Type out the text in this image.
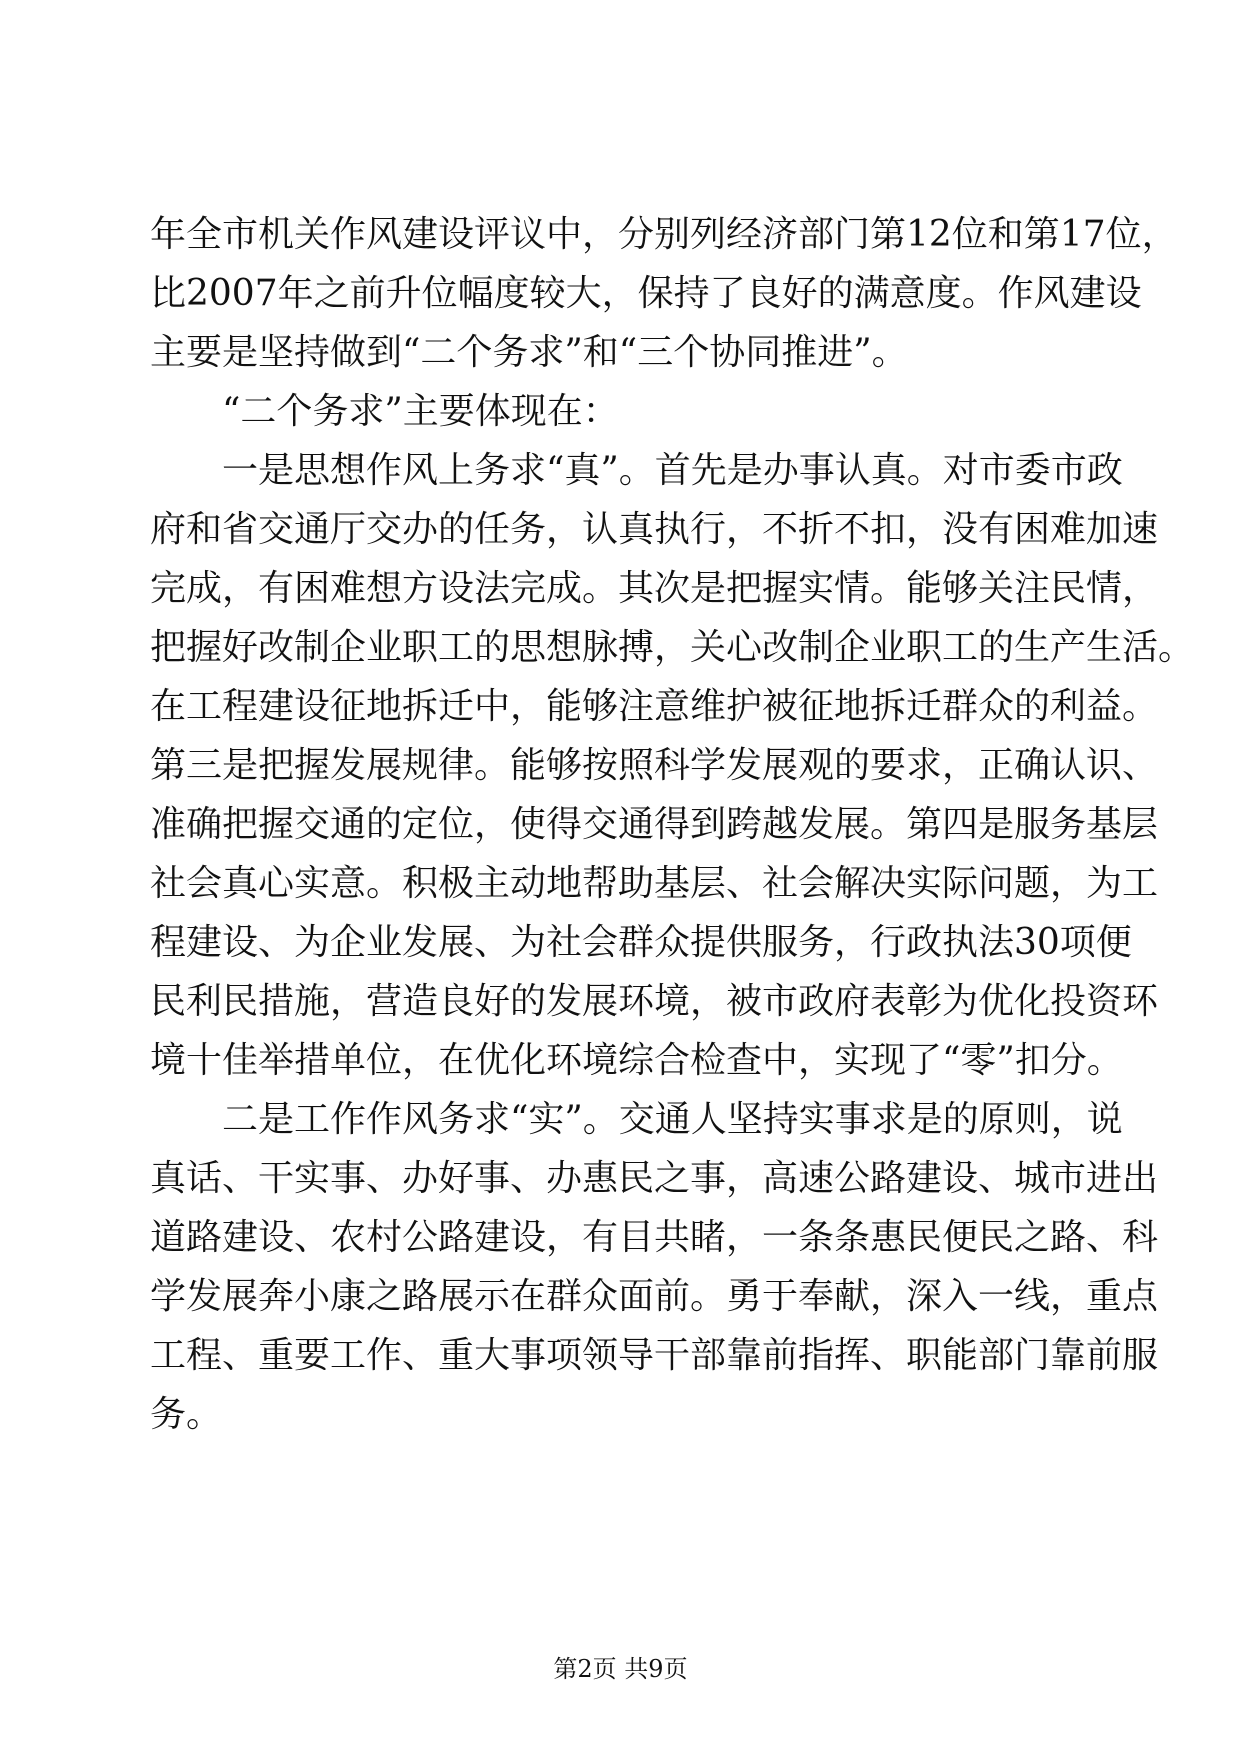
年全市机关作风建设评议中，分别列经济部门第12位和第17位，
比2007年之前升位幅度较大，保持了良好的满意度。作风建设
主要是坚持做到“二个务求”和“三个协同推进”。
“二个务求”主要体现在：
一是思想作风上务求“真”。首先是办事认真。对市委市政
府和省交通厅交办的任务，认真执行，不折不扣，没有困难加速
完成，有困难想方设法完成。其次是把握实情。能够关注民情，
把握好改制企业职工的思想脉搏，关心改制企业职工的生产生活。
在工程建设征地拆迁中，能够注意维护被征地拆迁群众的利益。
第三是把握发展规律。能够按照科学发展观的要求，正确认识、
准确把握交通的定位，使得交通得到跨越发展。第四是服务基层
社会真心实意。积极主动地帮助基层、社会解决实际问题，为工
程建设、为企业发展、为社会群众提供服务，行政执法30项便
民利民措施，营造良好的发展环境，被市政府表彰为优化投资环
境十佳举措单位，在优化环境综合检查中，实现了“零”扣分。
二是工作作风务求“实”。交通人坚持实事求是的原则，说
真话、干实事、办好事、办惠民之事，高速公路建设、城市进出
道路建设、农村公路建设，有目共睹，一条条惠民便民之路、科
学发展奔小康之路展示在群众面前。勇于奉献，深入一线，重点
工程、重要工作、重大事项领导干部靠前指挥、职能部门靠前服
务。
第2页 共9页
